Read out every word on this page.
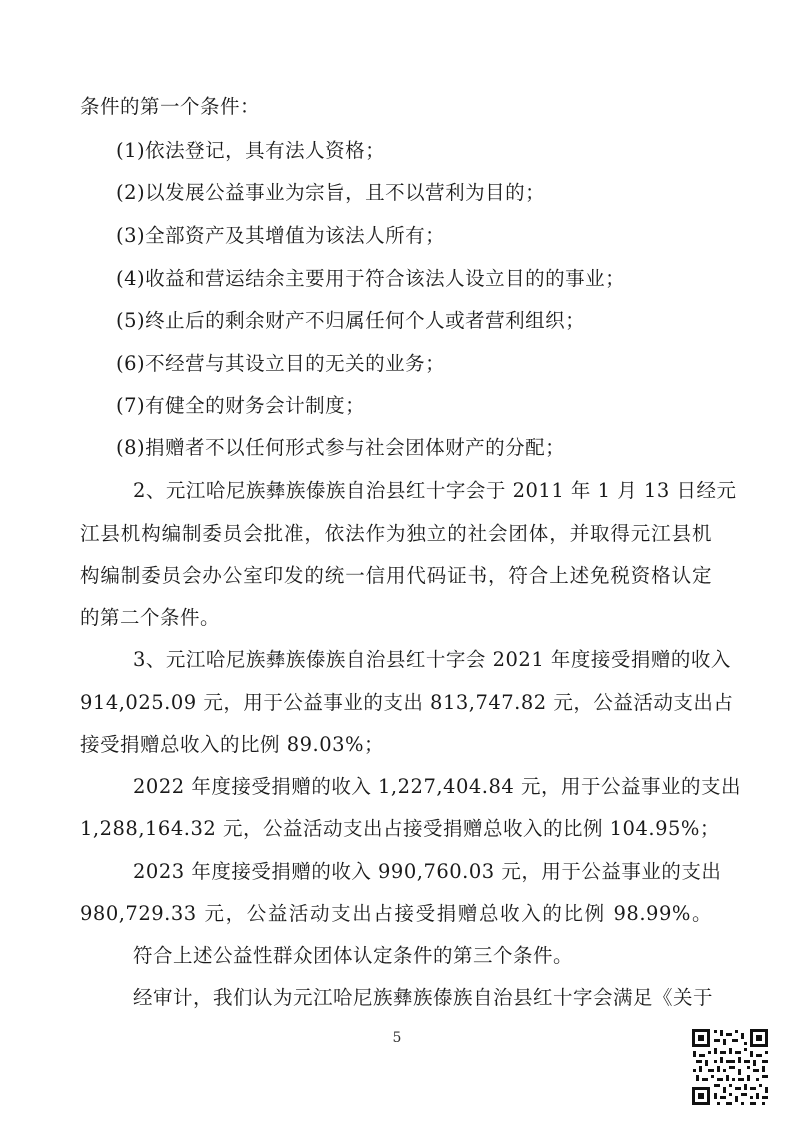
条件的第一个条件：
(1)依法登记，具有法人资格；
(2)以发展公益事业为宗旨，且不以营利为目的；
(3)全部资产及其增值为该法人所有；
(4)收益和营运结余主要用于符合该法人设立目的的事业；
(5)终止后的剩余财产不归属任何个人或者营利组织；
(6)不经营与其设立目的无关的业务；
(7)有健全的财务会计制度；
(8)捐赠者不以任何形式参与社会团体财产的分配；
2、元江哈尼族彝族傣族自治县红十字会于 2011 年 1 月 13 日经元
江县机构编制委员会批准，依法作为独立的社会团体，并取得元江县机
构编制委员会办公室印发的统一信用代码证书，符合上述免税资格认定
的第二个条件。
3、元江哈尼族彝族傣族自治县红十字会 2021 年度接受捐赠的收入
914,025.09 元，用于公益事业的支出 813,747.82 元，公益活动支出占
接受捐赠总收入的比例 89.03%；
2022 年度接受捐赠的收入 1,227,404.84 元，用于公益事业的支出
1,288,164.32 元，公益活动支出占接受捐赠总收入的比例 104.95%；
2023 年度接受捐赠的收入 990,760.03 元，用于公益事业的支出
980,729.33 元，公益活动支出占接受捐赠总收入的比例 98.99%。
符合上述公益性群众团体认定条件的第三个条件。
经审计，我们认为元江哈尼族彝族傣族自治县红十字会满足《关于
5
